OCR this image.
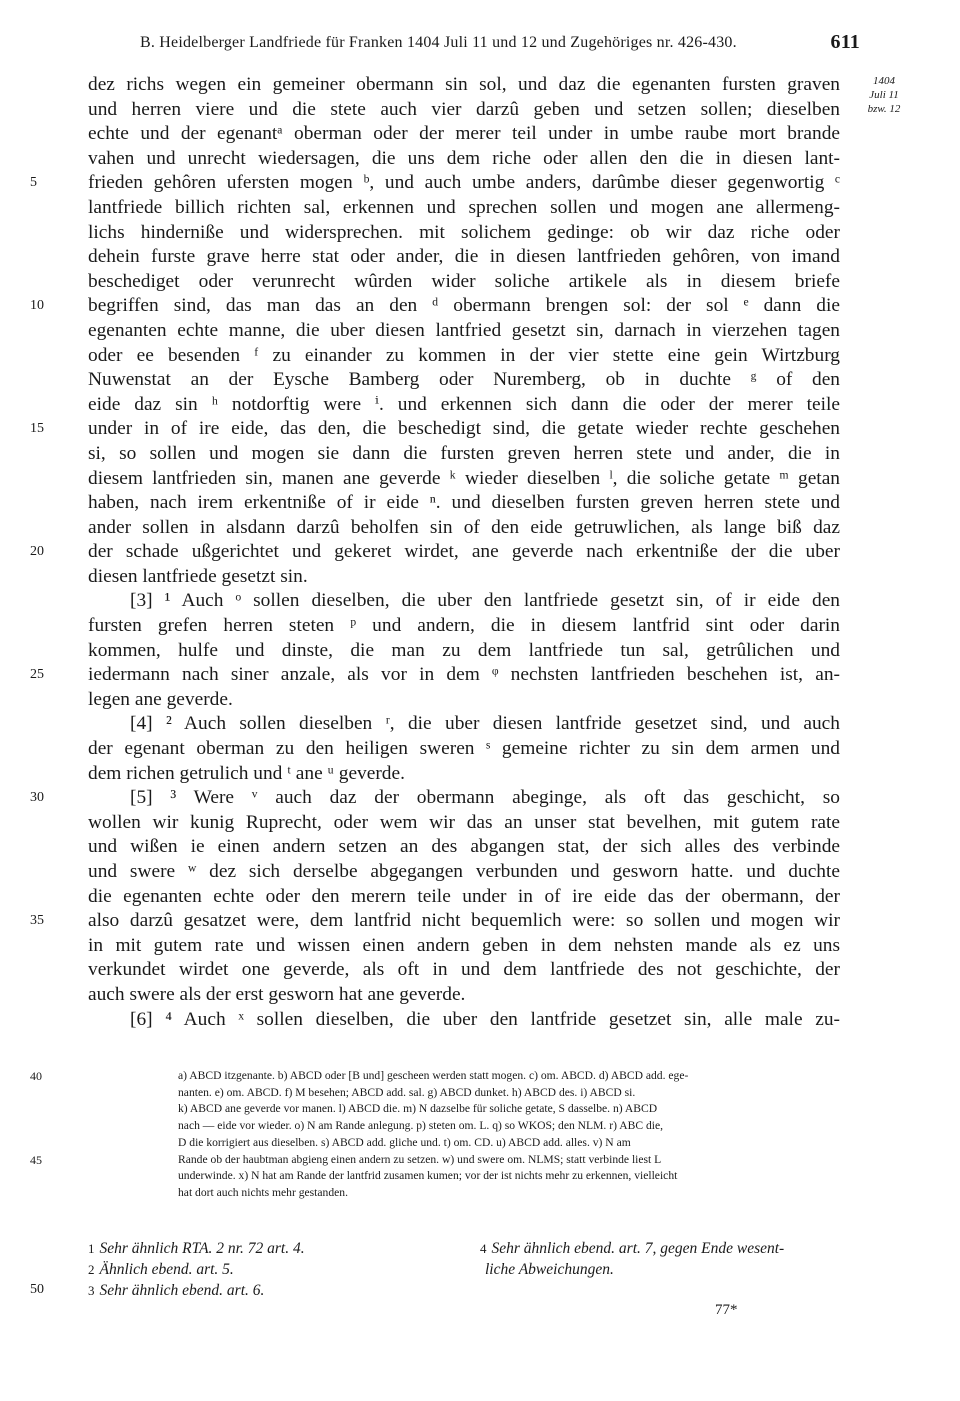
B. Heidelberger Landfriede für Franken 1404 Juli 11 und 12 und Zugehöriges nr. 426-430.	611
1404
Juli 11
bzw. 12
dez richs wegen ein gemeiner obermann sin sol, und daz die egenanten fursten graven
und herren viere und die stete auch vier darzû geben und setzen sollen; dieselben
echte und der egenantᵃ oberman oder der merer teil under in umbe raube mort brande
vahen und unrecht wiedersagen, die uns dem riche oder allen den die in diesen lant-
5	frieden gehôren ufersten mogen ᵇ, und auch umbe anders, darûmbe dieser gegenwortig ᶜ
lantfriede billich richten sal, erkennen und sprechen sollen und mogen ane allermeng-
lichs hinderniße und widersprechen. mit solichem gedinge: ob wir daz riche oder
dehein furste grave herre stat oder ander, die in diesen lantfrieden gehôren, von imand
beschediget oder verunrecht wûrden wider soliche artikele als in diesem briefe
10	begriffen sind, das man das an den ᵈ obermann brengen sol: der sol ᵉ dann die
egenanten echte manne, die uber diesen lantfried gesetzt sin, darnach in vierzehen tagen
oder ee besenden ᶠ zu einander zu kommen in der vier stette eine gein Wirtzburg
Nuwenstat an der Eysche Bamberg oder Nuremberg, ob in duchte ᵍ of den
eide daz sin ʰ notdorftig were ⁱ. und erkennen sich dann die oder der merer teile
15	under in of ire eide, das den, die beschedigt sind, die getate wieder rechte geschehen
si, so sollen und mogen sie dann die fursten greven herren stete und ander, die in
diesem lantfrieden sin, manen ane geverde ᵏ wieder dieselben ˡ, die soliche getate ᵐ getan
haben, nach irem erkentniße of ir eide ⁿ. und dieselben fursten greven herren stete und
ander sollen in alsdann darzû beholfen sin of den eide getruwlichen, als lange biß daz
20	der schade ußgerichtet und gekeret wirdet, ane geverde nach erkentniße der die uber
diesen lantfriede gesetzt sin.
[3] ¹ Auch ᵒ sollen dieselben, die uber den lantfriede gesetzt sin, of ir eide den
fursten grefen herren steten ᵖ und andern, die in diesem lantfrid sint oder darin
kommen, hulfe und dinste, die man zu dem lantfriede tun sal, getrûlichen und
25	iedermann nach siner anzale, als vor in dem ᵠ nechsten lantfrieden beschehen ist, an-
legen ane geverde.
[4] ² Auch sollen dieselben ʳ, die uber diesen lantfride gesetzet sind, und auch
der egenant oberman zu den heiligen sweren ˢ gemeine richter zu sin dem armen und
dem richen getrulich und ᵗ ane ᵘ geverde.
30	[5] ³ Were ᵛ auch daz der obermann abeginge, als oft das geschicht, so
wollen wir kunig Ruprecht, oder wem wir das an unser stat bevelhen, mit gutem rate
und wißen ie einen andern setzen an des abgangen stat, der sich alles des verbinde
und swere ʷ dez sich derselbe abgegangen verbunden und gesworn hatte. und duchte
die egenanten echte oder den merern teile under in of ire eide das der obermann, der
35	also darzû gesatzet were, dem lantfrid nicht bequemlich were: so sollen und mogen wir
in mit gutem rate und wissen einen andern geben in dem nehsten mande als ez uns
verkundet wirdet one geverde, als oft in und dem lantfriede des not geschichte, der
auch swere als der erst gesworn hat ane geverde.
[6] ⁴ Auch ˣ sollen dieselben, die uber den lantfride gesetzet sin, alle male zu-
40	a) ABCD itzgenante. b) ABCD oder [B und] gescheen werden statt mogen. c) om. ABCD. d) ABCD add. ege-
nanten. e) om. ABCD. f) M besehen; ABCD add. sal. g) ABCD dunket. h) ABCD des. i) ABCD si.
k) ABCD ane geverde vor manen. l) ABCD die. m) N dazselbe für soliche getate, S dasselbe. n) ABCD
nach — eide vor wieder. o) N am Rande anlegung. p) steten om. L. q) so WKOS; den NLM. r) ABC die,
D die korrigiert aus dieselben. s) ABCD add. gliche und. t) om. CD. u) ABCD add. alles. v) N am
45	Rande ob der haubtman abgieng einen andern zu setzen. w) und swere om. NLMS; statt verbinde liest L
underwinde. x) N hat am Rande der lantfrid zusamen kumen; vor der ist nichts mehr zu erkennen, vielleicht
hat dort auch nichts mehr gestanden.
1 Sehr ähnlich RTA. 2 nr. 72 art. 4.
2 Ähnlich ebend. art. 5.
3 Sehr ähnlich ebend. art. 6.
4 Sehr ähnlich ebend. art. 7, gegen Ende wesent-
liche Abweichungen.
50
77*
